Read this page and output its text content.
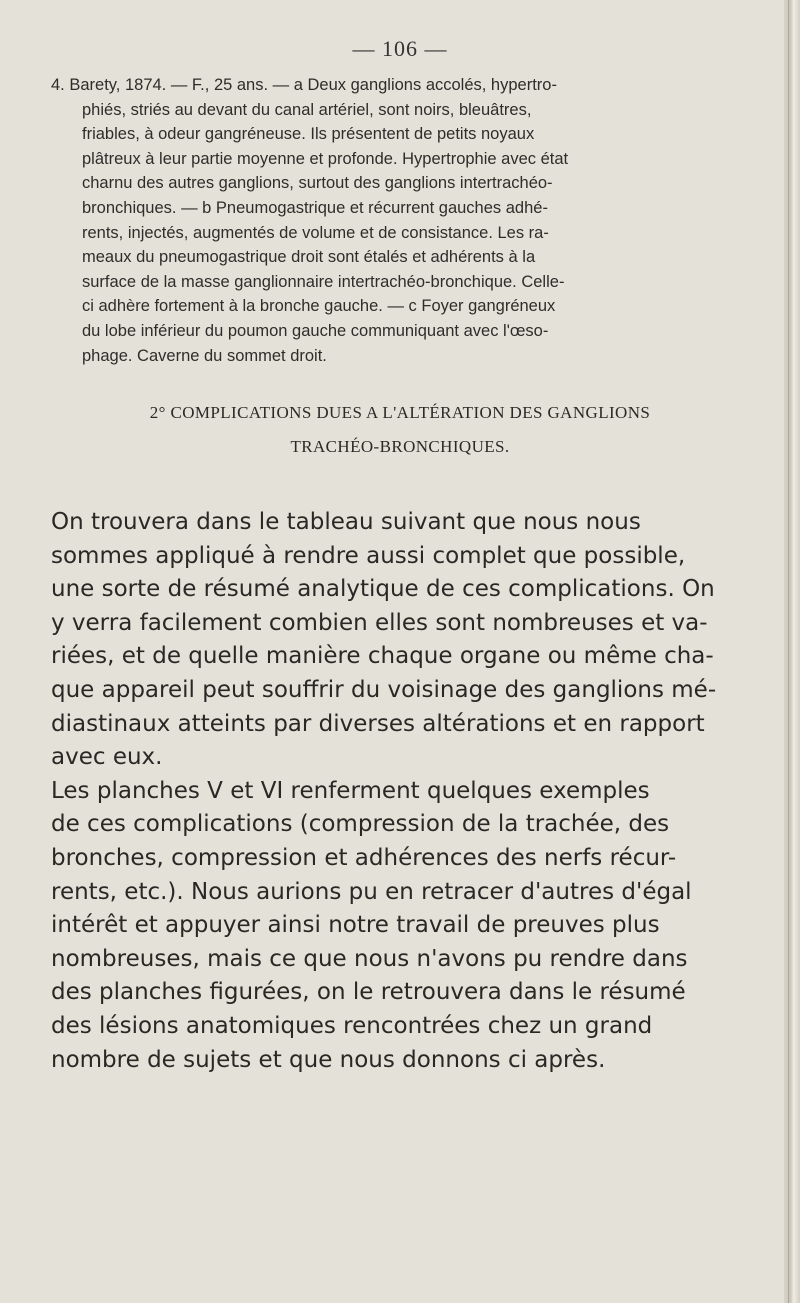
— 106 —
4. Barety, 1874. — F., 25 ans. — a Deux ganglions accolés, hypertro-
phiés, striés au devant du canal artériel, sont noirs, bleuâtres,
friables, à odeur gangréneuse. Ils présentent de petits noyaux
plâtreux à leur partie moyenne et profonde. Hypertrophie avec état
charnu des autres ganglions, surtout des ganglions intertrachéo-
bronchiques. — b Pneumogastrique et récurrent gauches adhé-
rents, injectés, augmentés de volume et de consistance. Les ra-
meaux du pneumogastrique droit sont étalés et adhérents à la
surface de la masse ganglionnaire intertrachéo-bronchique. Celle-
ci adhère fortement à la bronche gauche. — c Foyer gangréneux
du lobe inférieur du poumon gauche communiquant avec l'œso-
phage. Caverne du sommet droit.
2° COMPLICATIONS DUES A L'ALTÉRATION DES GANGLIONS
TRACHÉO-BRONCHIQUES.
On trouvera dans le tableau suivant que nous nous
sommes appliqué à rendre aussi complet que possible,
une sorte de résumé analytique de ces complications. On
y verra facilement combien elles sont nombreuses et va-
riées, et de quelle manière chaque organe ou même cha-
que appareil peut souffrir du voisinage des ganglions mé-
diastinaux atteints par diverses altérations et en rapport
avec eux.
Les planches V et VI renferment quelques exemples
de ces complications (compression de la trachée, des
bronches, compression et adhérences des nerfs récur-
rents, etc.). Nous aurions pu en retracer d'autres d'égal
intérêt et appuyer ainsi notre travail de preuves plus
nombreuses, mais ce que nous n'avons pu rendre dans
des planches figurées, on le retrouvera dans le résumé
des lésions anatomiques rencontrées chez un grand
nombre de sujets et que nous donnons ci après.
